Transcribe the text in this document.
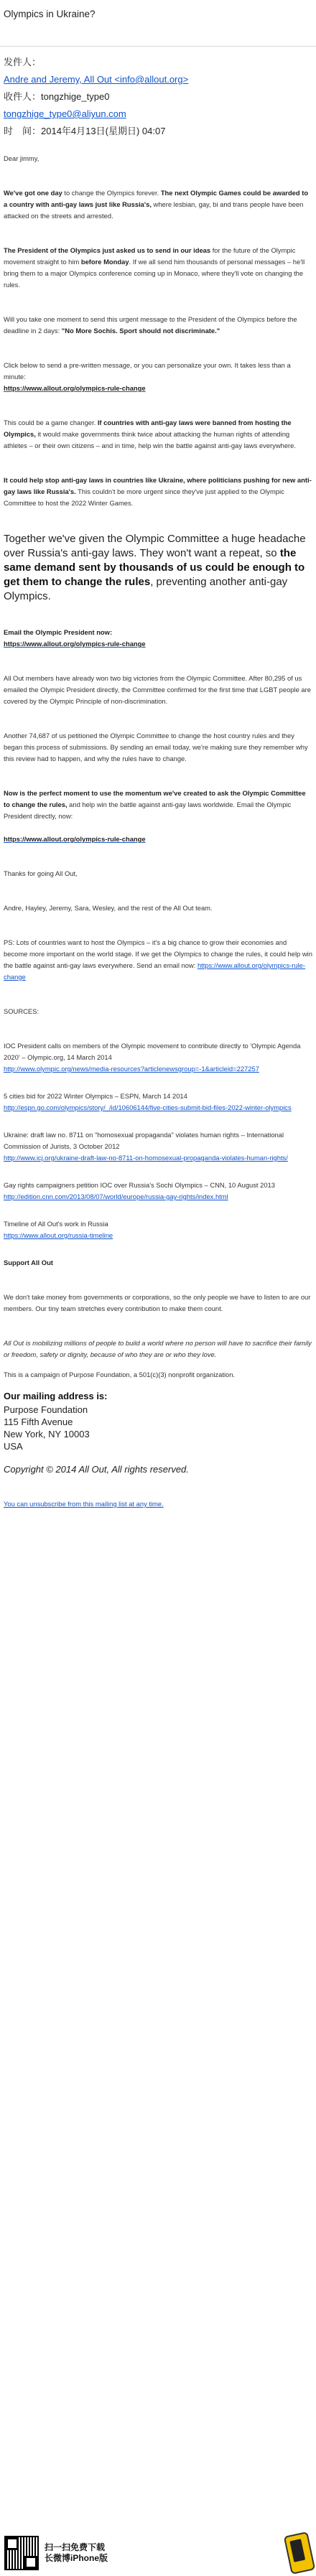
Olympics in Ukraine?
发件人：
Andre and Jeremy, All Out <info@allout.org>
收件人：tongzhige_type0
tongzhige_type0@aliyun.com
时　间：2014年4月13日(星期日) 04:07

Dear jimmy,

We've got one day to change the Olympics forever. The next Olympic Games could be awarded to a country with anti-gay laws just like Russia's, where lesbian, gay, bi and trans people have been attacked on the streets and arrested.

The President of the Olympics just asked us to send in our ideas for the future of the Olympic movement straight to him before Monday. If we all send him thousands of personal messages – he'll bring them to a major Olympics conference coming up in Monaco, where they'll vote on changing the rules.

Will you take one moment to send this urgent message to the President of the Olympics before the deadline in 2 days: "No More Sochis. Sport should not discriminate."

Click below to send a pre-written message, or you can personalize your own. It takes less than a minute:
https://www.allout.org/olympics-rule-change

This could be a game changer. If countries with anti-gay laws were banned from hosting the Olympics, it would make governments think twice about attacking the human rights of attending athletes – or their own citizens – and in time, help win the battle against anti-gay laws everywhere.

It could help stop anti-gay laws in countries like Ukraine, where politicians pushing for new anti-gay laws like Russia's. This couldn't be more urgent since they've just applied to the Olympic Committee to host the 2022 Winter Games.

Together we've given the Olympic Committee a huge headache over Russia's anti-gay laws. They won't want a repeat, so the same demand sent by thousands of us could be enough to get them to change the rules, preventing another anti-gay Olympics.

Email the Olympic President now:
https://www.allout.org/olympics-rule-change

All Out members have already won two big victories from the Olympic Committee. After 80,295 of us emailed the Olympic President directly, the Committee confirmed for the first time that LGBT people are covered by the Olympic Principle of non-discrimination.

Another 74,687 of us petitioned the Olympic Committee to change the host country rules and they began this process of submissions. By sending an email today, we're making sure they remember why this review had to happen, and why the rules have to change.

Now is the perfect moment to use the momentum we've created to ask the Olympic Committee to change the rules, and help win the battle against anti-gay laws worldwide. Email the Olympic President directly, now:

https://www.allout.org/olympics-rule-change

Thanks for going All Out,

Andre, Hayley, Jeremy, Sara, Wesley, and the rest of the All Out team.

PS: Lots of countries want to host the Olympics – it's a big chance to grow their economies and become more important on the world stage. If we get the Olympics to change the rules, it could help win the battle against anti-gay laws everywhere. Send an email now: https://www.allout.org/olympics-rule-change

SOURCES:

IOC President calls on members of the Olympic movement to contribute directly to 'Olympic Agenda 2020' – Olympic.org, 14 March 2014
http://www.olympic.org/news/media-resources?articlenewsgroup=-1&articleid=227257

5 cities bid for 2022 Winter Olympics – ESPN, March 14 2014
http://espn.go.com/olympics/story/_/id/10606144/five-cities-submit-bid-files-2022-winter-olympics

Ukraine: draft law no. 8711 on "homosexual propaganda" violates human rights – International Commission of Jurists, 3 October 2012
http://www.icj.org/ukraine-draft-law-no-8711-on-homosexual-propaganda-violates-human-rights/

Gay rights campaigners petition IOC over Russia's Sochi Olympics – CNN, 10 August 2013
http://edition.cnn.com/2013/08/07/world/europe/russia-gay-rights/index.html

Timeline of All Out's work in Russia
https://www.allout.org/russia-timeline

Support All Out

We don't take money from governments or corporations, so the only people we have to listen to are our members. Our tiny team stretches every contribution to make them count.

All Out is mobilizing millions of people to build a world where no person will have to sacrifice their family or freedom, safety or dignity, because of who they are or who they love.

This is a campaign of Purpose Foundation, a 501(c)(3) nonprofit organization.

Our mailing address is:
Purpose Foundation
115 Fifth Avenue
New York, NY 10003
USA
Copyright © 2014 All Out, All rights reserved.
You can unsubscribe from this mailing list at any time.
扫一扫免费下载
长微博iPhone版
